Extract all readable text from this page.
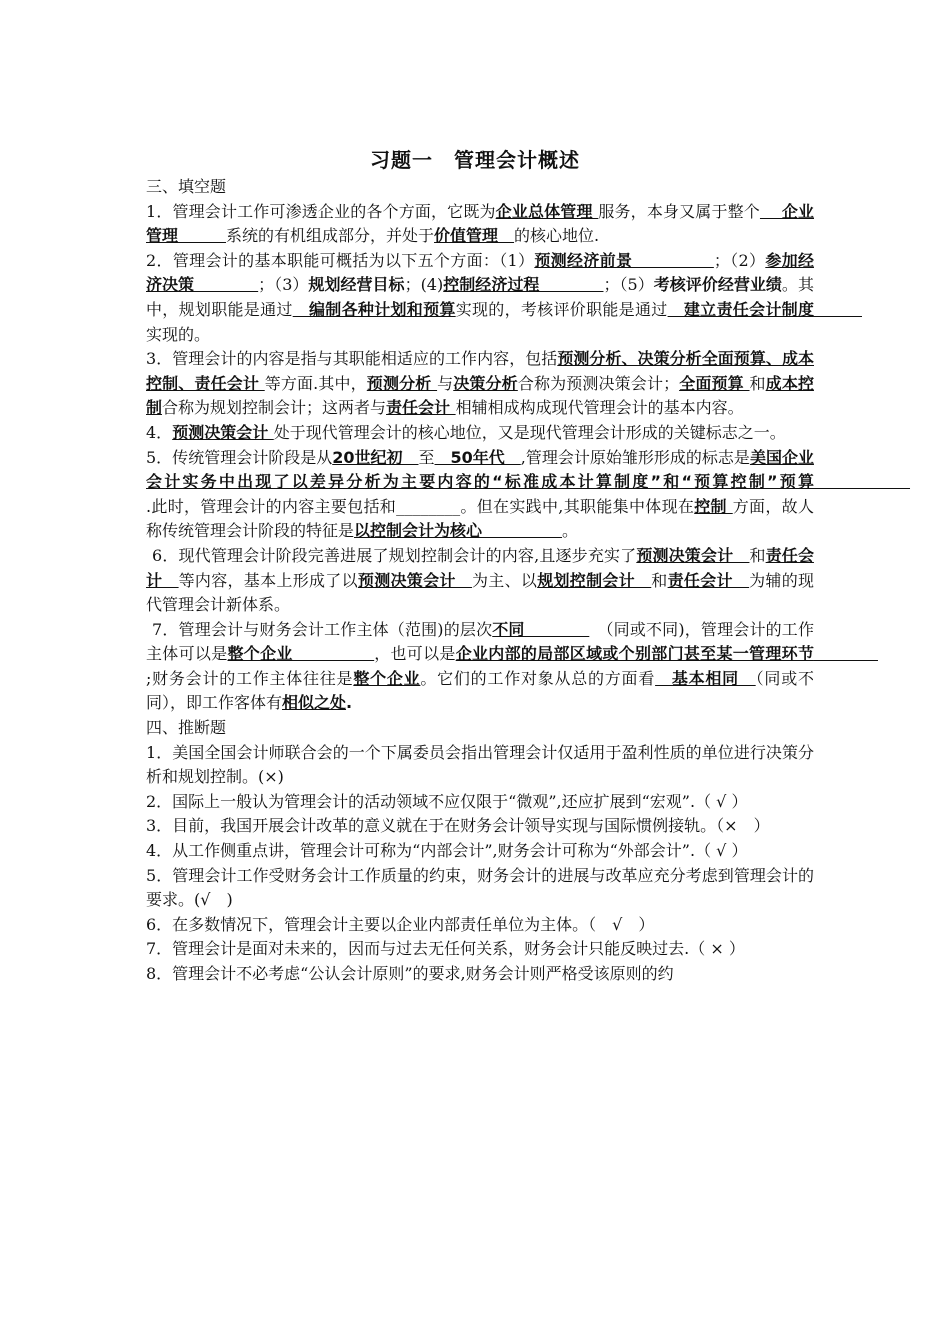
习题一　管理会计概述

三、填空题

1．管理会计工作可渗透企业的各个方面，它既为企业总体管理 服务，本身又属于整个　 企业管理　　　系统的有机组成部分，并处于价值管理　的核心地位.

2．管理会计的基本职能可概括为以下五个方面：（1）预测经济前景　　　　　；（2）参加经济决策　　　　；（3）规划经营目标；(4)控制经济过程　　　　；（5）考核评价经营业绩。其中，规划职能是通过　编制各种计划和预算实现的，考核评价职能是通过　建立责任会计制度　　　实现的。

3．管理会计的内容是指与其职能相适应的工作内容，包括预测分析、决策分析全面预算、成本控制、责任会计 等方面.其中，预测分析 与决策分析合称为预测决策会计；全面预算 和成本控制合称为规划控制会计；这两者与责任会计 相辅相成构成现代管理会计的基本内容。

4．预测决策会计 处于现代管理会计的核心地位，又是现代管理会计形成的关键标志之一。

5．传统管理会计阶段是从20世纪初　至　50年代　,管理会计原始雏形形成的标志是美国企业会计实务中出现了以差异分析为主要内容的“标准成本计算制度”和“预算控制”预算　　　　　　.此时，管理会计的内容主要包括和________。但在实践中,其职能集中体现在控制 方面，故人称传统管理会计阶段的特征是以控制会计为核心　　　　　。

6．现代管理会计阶段完善进展了规划控制会计的内容,且逐步充实了预测决策会计　和责任会计　等内容，基本上形成了以预测决策会计　为主、以规划控制会计　和责任会计　为辅的现代管理会计新体系。

7．管理会计与财务会计工作主体（范围)的层次不同　　　　　（同或不同)，管理会计的工作主体可以是整个企业　　　　　，也可以是企业内部的局部区域或个别部门甚至某一管理环节　　　　;财务会计的工作主体往往是整个企业。它们的工作对象从总的方面看　基本相同　（同或不同），即工作客体有相似之处.

四、推断题

1．美国全国会计师联合会的一个下属委员会指出管理会计仅适用于盈利性质的单位进行决策分析和规划控制。(×)

2．国际上一般认为管理会计的活动领域不应仅限于“微观”,还应扩展到“宏观”.（ √ ）

3．目前，我国开展会计改革的意义就在于在财务会计领导实现与国际惯例接轨。（×　）

4．从工作侧重点讲，管理会计可称为“内部会计”,财务会计可称为“外部会计”.（ √ ）

5．管理会计工作受财务会计工作质量的约束，财务会计的进展与改革应充分考虑到管理会计的要求。(√　)

6．在多数情况下，管理会计主要以企业内部责任单位为主体。（　√　）

7．管理会计是面对未来的，因而与过去无任何关系，财务会计只能反映过去.（ × ）

8．管理会计不必考虑“公认会计原则”的要求,财务会计则严格受该原则的约
